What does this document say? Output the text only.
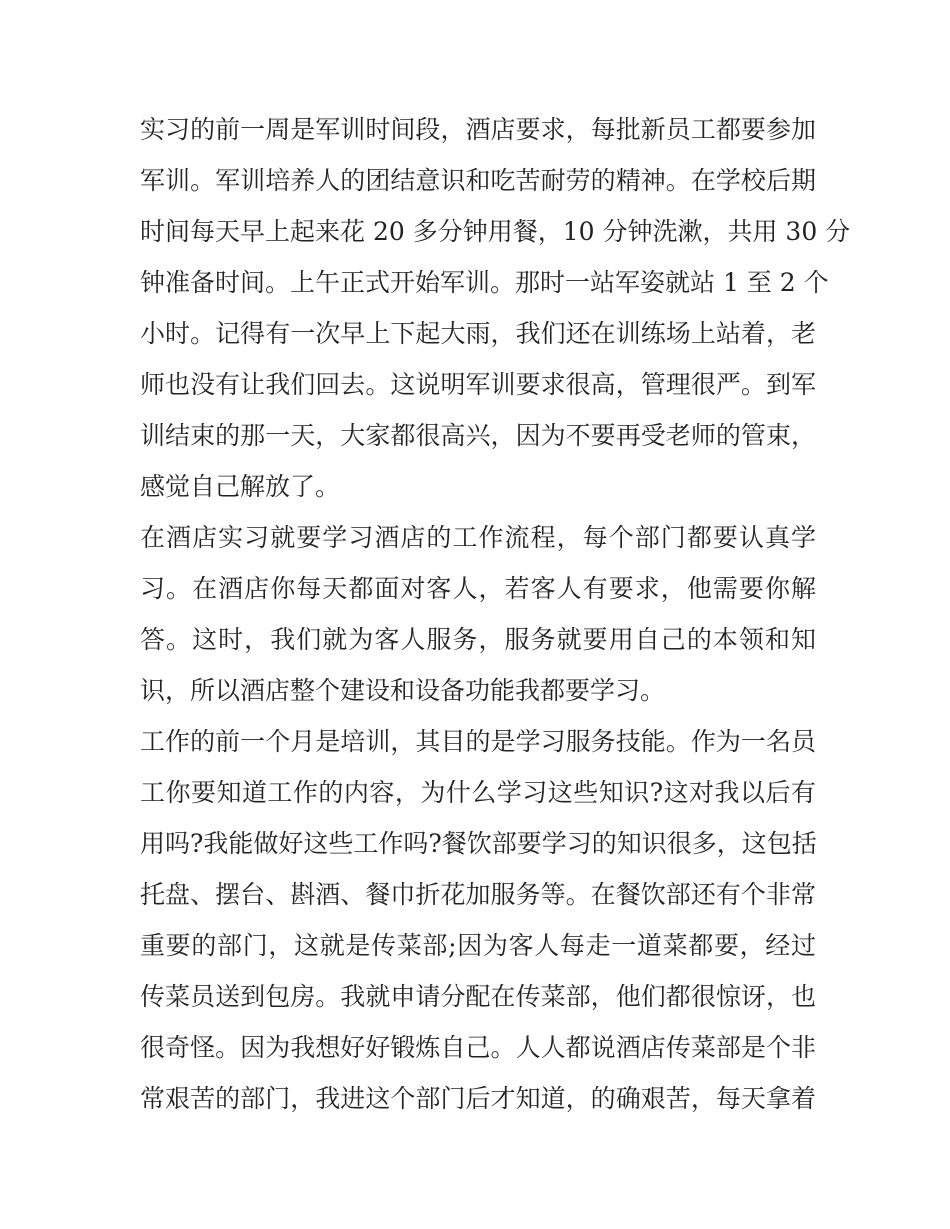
实习的前一周是军训时间段，酒店要求，每批新员工都要参加
军训。军训培养人的团结意识和吃苦耐劳的精神。在学校后期
时间每天早上起来花 20 多分钟用餐，10 分钟洗漱，共用 30 分
钟准备时间。上午正式开始军训。那时一站军姿就站 1 至 2 个
小时。记得有一次早上下起大雨，我们还在训练场上站着，老
师也没有让我们回去。这说明军训要求很高，管理很严。到军
训结束的那一天，大家都很高兴，因为不要再受老师的管束，
感觉自己解放了。
在酒店实习就要学习酒店的工作流程，每个部门都要认真学
习。在酒店你每天都面对客人，若客人有要求，他需要你解
答。这时，我们就为客人服务，服务就要用自己的本领和知
识，所以酒店整个建设和设备功能我都要学习。
工作的前一个月是培训，其目的是学习服务技能。作为一名员
工你要知道工作的内容，为什么学习这些知识?这对我以后有
用吗?我能做好这些工作吗?餐饮部要学习的知识很多，这包括
托盘、摆台、斟酒、餐巾折花加服务等。在餐饮部还有个非常
重要的部门，这就是传菜部;因为客人每走一道菜都要，经过
传菜员送到包房。我就申请分配在传菜部，他们都很惊讶，也
很奇怪。因为我想好好锻炼自己。人人都说酒店传菜部是个非
常艰苦的部门，我进这个部门后才知道，的确艰苦，每天拿着
